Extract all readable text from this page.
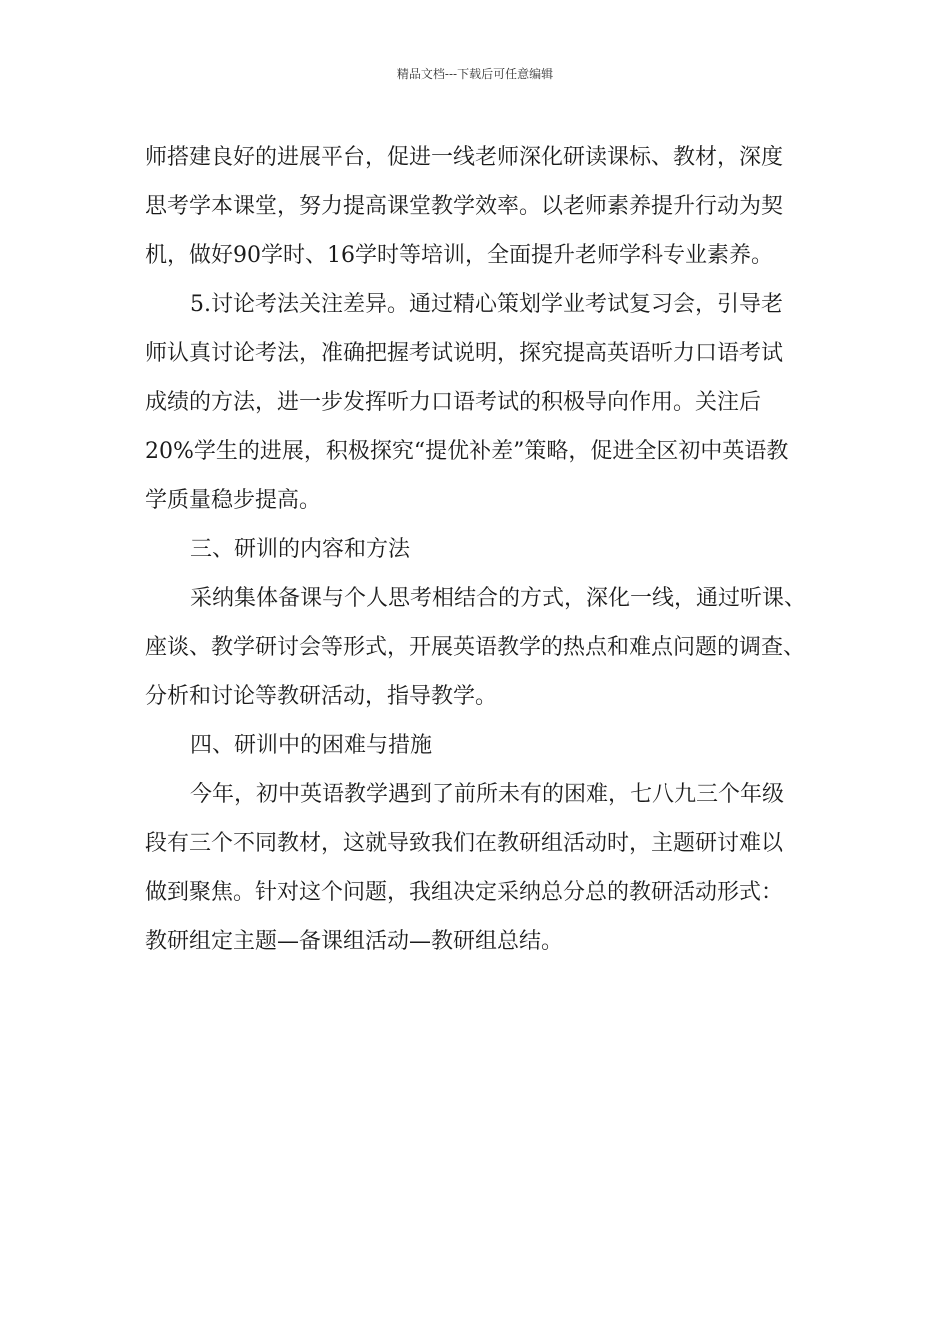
精品文档---下载后可任意编辑
师搭建良好的进展平台，促进一线老师深化研读课标、教材，深度
思考学本课堂，努力提高课堂教学效率。以老师素养提升行动为契
机，做好90学时、16学时等培训，全面提升老师学科专业素养。
5.讨论考法关注差异。通过精心策划学业考试复习会，引导老
师认真讨论考法，准确把握考试说明，探究提高英语听力口语考试
成绩的方法，进一步发挥听力口语考试的积极导向作用。关注后
20%学生的进展，积极探究“提优补差”策略，促进全区初中英语教
学质量稳步提高。
三、研训的内容和方法
采纳集体备课与个人思考相结合的方式，深化一线，通过听课、
座谈、教学研讨会等形式，开展英语教学的热点和难点问题的调查、
分析和讨论等教研活动，指导教学。
四、研训中的困难与措施
今年，初中英语教学遇到了前所未有的困难，七八九三个年级
段有三个不同教材，这就导致我们在教研组活动时，主题研讨难以
做到聚焦。针对这个问题，我组决定采纳总分总的教研活动形式：
教研组定主题—备课组活动—教研组总结。
